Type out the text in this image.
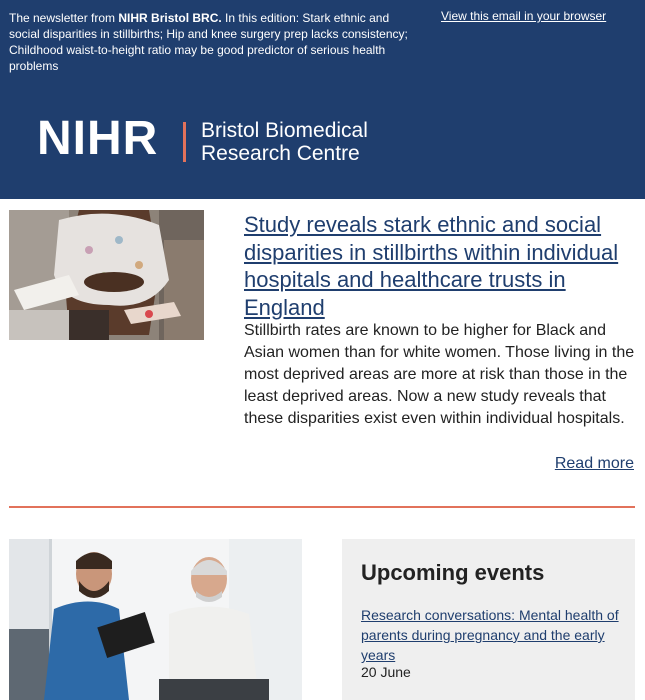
The newsletter from NIHR Bristol BRC. In this edition: Stark ethnic and social disparities in stillbirths; Hip and knee surgery prep lacks consistency; Childhood waist-to-height ratio may be good predictor of serious health problems
View this email in your browser
NIHR Bristol Biomedical
Research Centre
Study reveals stark ethnic and social disparities in stillbirths within individual hospitals and healthcare trusts in England
Stillbirth rates are known to be higher for Black and Asian women than for white women. Those living in the most deprived areas are more at risk than those in the least deprived areas. Now a new study reveals that these disparities exist even within individual hospitals.
Read more
Upcoming events
Research conversations: Mental health of parents during pregnancy and the early years
20 June
